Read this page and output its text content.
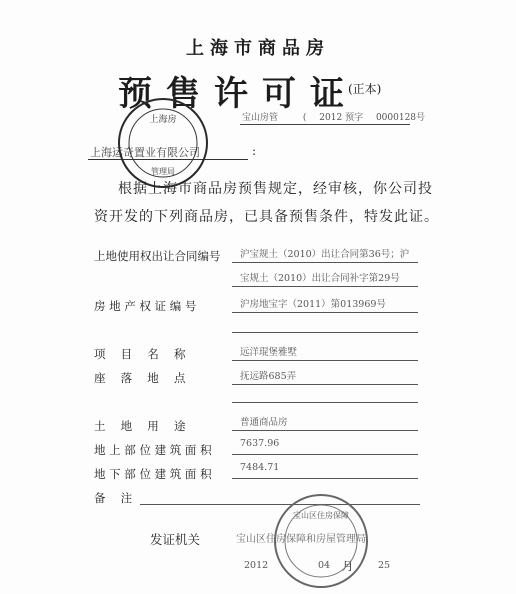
上海市商品房
预售许可证
(正本)
宝山房管	( 2012 预字 0000128号
上海运奇置业有限公司	:
根据上海市商品房预售规定，经审核，你公司投
资开发的下列商品房，已具备预售条件，特发此证。
上地使用权出让合同编号 沪宝规土（2010）出让合同第36号；沪
宝规土（2010）出让合同补字第29号
房 地 产 权 证 编 号	沪房地宝字（2011）第013969号
项　 目　 名　 称	远洋琨堡雅墅
座　 落　 地　 点	抚远路685弄
土　 地　 用　 途	普通商品房
地 上 部 位 建 筑 面 积	7637.96
地 下 部 位 建 筑 面 积	7484.71
备　 注
发证机关	宝山区住房保障和房屋管理局
2012	04 月	25
上海房
管理局
宝山区住房保障
